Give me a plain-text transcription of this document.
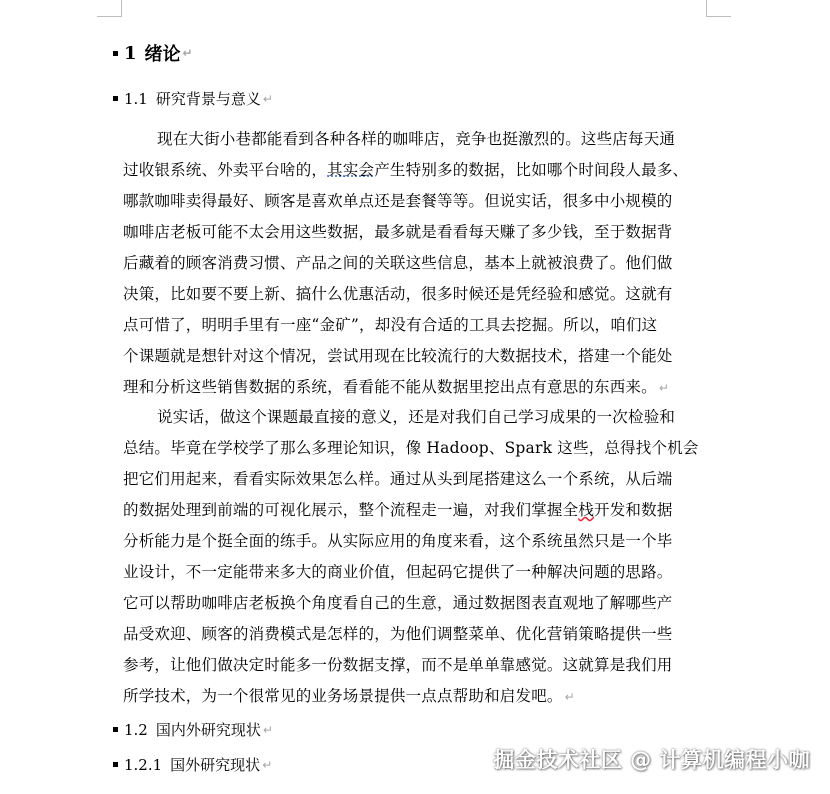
1 绪论 ↵
1.1 研究背景与意义 ↵
现在大街小巷都能看到各种各样的咖啡店，竞争也挺激烈的。这些店每天通
过收银系统、外卖平台啥的，其实会产生特别多的数据，比如哪个时间段人最多、
哪款咖啡卖得最好、顾客是喜欢单点还是套餐等等。但说实话，很多中小规模的
咖啡店老板可能不太会用这些数据，最多就是看看每天赚了多少钱，至于数据背
后藏着的顾客消费习惯、产品之间的关联这些信息，基本上就被浪费了。他们做
决策，比如要不要上新、搞什么优惠活动，很多时候还是凭经验和感觉。这就有
点可惜了，明明手里有一座“金矿”，却没有合适的工具去挖掘。所以，咱们这
个课题就是想针对这个情况，尝试用现在比较流行的大数据技术，搭建一个能处
理和分析这些销售数据的系统，看看能不能从数据里挖出点有意思的东西来。 ↵
说实话，做这个课题最直接的意义，还是对我们自己学习成果的一次检验和
总结。毕竟在学校学了那么多理论知识，像 Hadoop、Spark 这些，总得找个机会
把它们用起来，看看实际效果怎么样。通过从头到尾搭建这么一个系统，从后端
的数据处理到前端的可视化展示，整个流程走一遍，对我们掌握全栈开发和数据
分析能力是个挺全面的练手。从实际应用的角度来看，这个系统虽然只是一个毕
业设计，不一定能带来多大的商业价值，但起码它提供了一种解决问题的思路。
它可以帮助咖啡店老板换个角度看自己的生意，通过数据图表直观地了解哪些产
品受欢迎、顾客的消费模式是怎样的，为他们调整菜单、优化营销策略提供一些
参考，让他们做决定时能多一份数据支撑，而不是单单靠感觉。这就算是我们用
所学技术，为一个很常见的业务场景提供一点点帮助和启发吧。 ↵
1.2 国内外研究现状 ↵
1.2.1 国外研究现状 ↵	掘金技术社区 @ 计算机编程小咖
